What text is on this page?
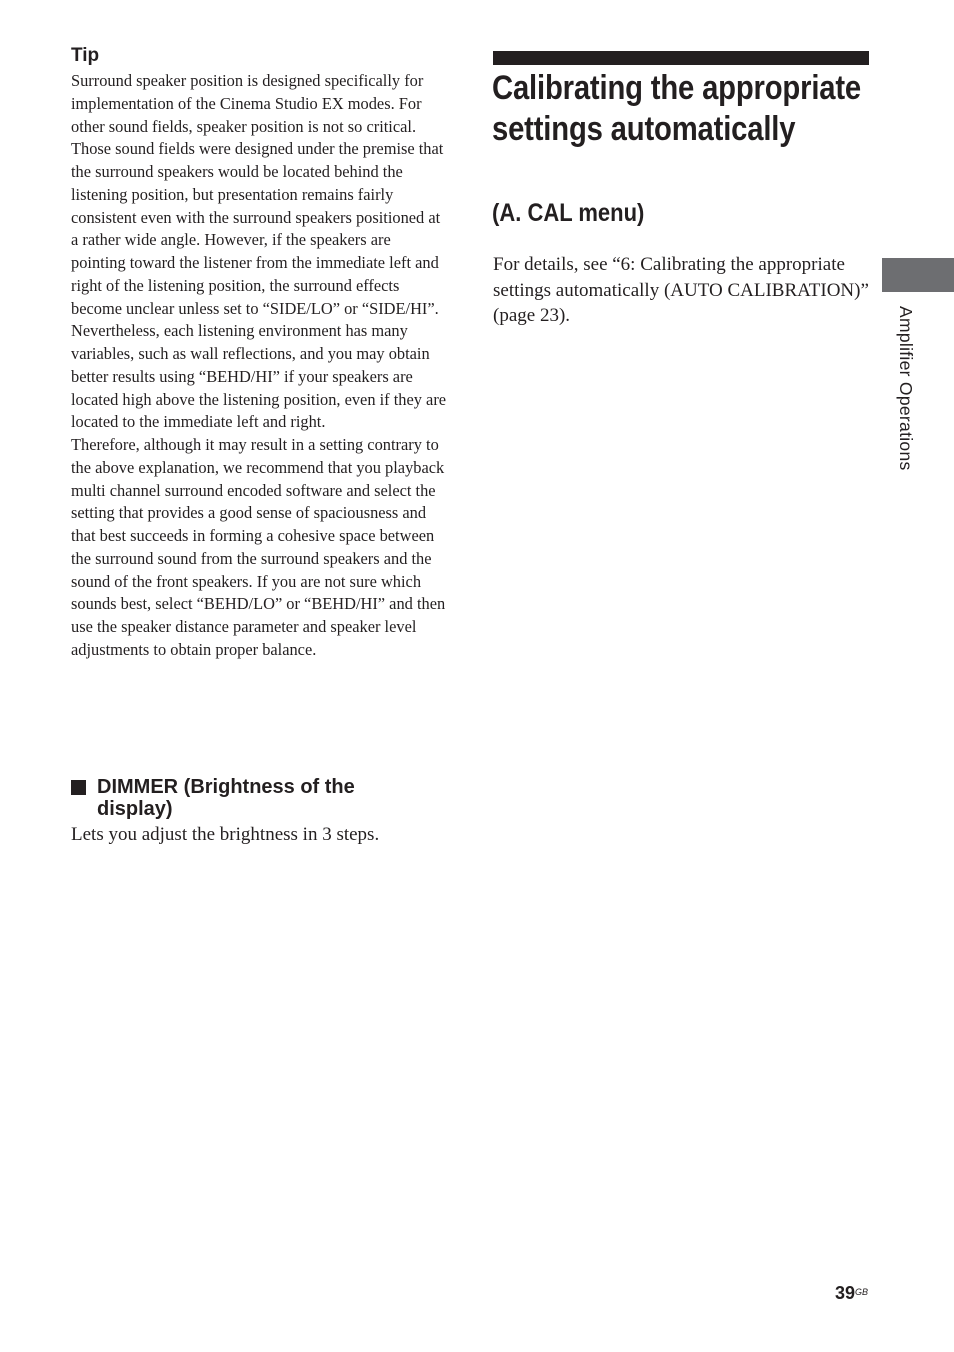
Tip

Surround speaker position is designed specifically for implementation of the Cinema Studio EX modes. For other sound fields, speaker position is not so critical.

Those sound fields were designed under the premise that the surround speakers would be located behind the listening position, but presentation remains fairly consistent even with the surround speakers positioned at a rather wide angle. However, if the speakers are pointing toward the listener from the immediate left and right of the listening position, the surround effects become unclear unless set to “SIDE/LO” or “SIDE/HI”.

Nevertheless, each listening environment has many variables, such as wall reflections, and you may obtain better results using “BEHD/HI” if your speakers are located high above the listening position, even if they are located to the immediate left and right.

Therefore, although it may result in a setting contrary to the above explanation, we recommend that you playback multi channel surround encoded software and select the setting that provides a good sense of spaciousness and that best succeeds in forming a cohesive space between the surround sound from the surround speakers and the sound of the front speakers. If you are not sure which sounds best, select “BEHD/LO” or “BEHD/HI” and then use the speaker distance parameter and speaker level adjustments to obtain proper balance.

DIMMER (Brightness of the display)

Lets you adjust the brightness in 3 steps.

Calibrating the appropriate settings automatically
(A. CAL menu)

For details, see “6: Calibrating the appropriate settings automatically (AUTO CALIBRATION)” (page 23).	Amplifier Operations
$39^{GB}$
